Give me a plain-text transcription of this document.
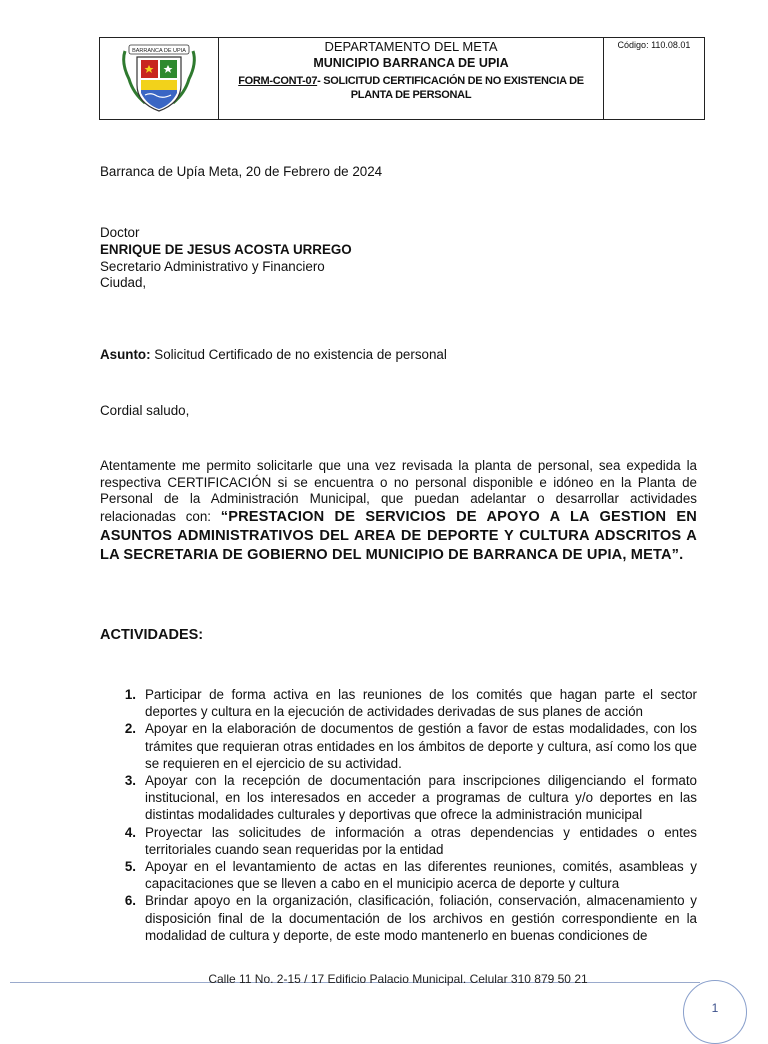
BARRANCA DE UPIA	DEPARTAMENTO DEL META
MUNICIPIO BARRANCA DE UPIA
FORM-CONT-07- SOLICITUD CERTIFICACIÓN DE NO EXISTENCIA DE
PLANTA DE PERSONAL
Código: 110.08.01
Barranca de Upía Meta, 20 de Febrero de 2024
Doctor
ENRIQUE DE JESUS ACOSTA URREGO
Secretario Administrativo y Financiero
Ciudad,
Asunto: Solicitud Certificado de no existencia de personal
Cordial saludo,

Atentamente me permito solicitarle que una vez revisada la planta de personal, sea expedida la respectiva CERTIFICACIÓN si se encuentra o no personal disponible e idóneo en la Planta de Personal de la Administración Municipal, que puedan adelantar o desarrollar actividades relacionadas con: “PRESTACION DE SERVICIOS DE APOYO A LA GESTION EN ASUNTOS ADMINISTRATIVOS DEL AREA DE DEPORTE Y CULTURA ADSCRITOS A LA SECRETARIA DE GOBIERNO DEL MUNICIPIO DE BARRANCA DE UPIA, META”.

ACTIVIDADES:
1. Participar de forma activa en las reuniones de los comités que hagan parte el sector deportes y cultura en la ejecución de actividades derivadas de sus planes de acción
2. Apoyar en la elaboración de documentos de gestión a favor de estas modalidades, con los trámites que requieran otras entidades en los ámbitos de deporte y cultura, así como los que se requieren en el ejercicio de su actividad.
3. Apoyar con la recepción de documentación para inscripciones diligenciando el formato institucional, en los interesados en acceder a programas de cultura y/o deportes en las distintas modalidades culturales y deportivas que ofrece la administración municipal
4. Proyectar las solicitudes de información a otras dependencias y entidades o entes territoriales cuando sean requeridas por la entidad
5. Apoyar en el levantamiento de actas en las diferentes reuniones, comités, asambleas y capacitaciones que se lleven a cabo en el municipio acerca de deporte y cultura
6. Brindar apoyo en la organización, clasificación, foliación, conservación, almacenamiento y disposición final de la documentación de los archivos en gestión correspondiente en la modalidad de cultura y deporte, de este modo mantenerlo en buenas condiciones de
Calle 11 No. 2-15 / 17 Edificio Palacio Municipal. Celular 310 879 50 21
1
